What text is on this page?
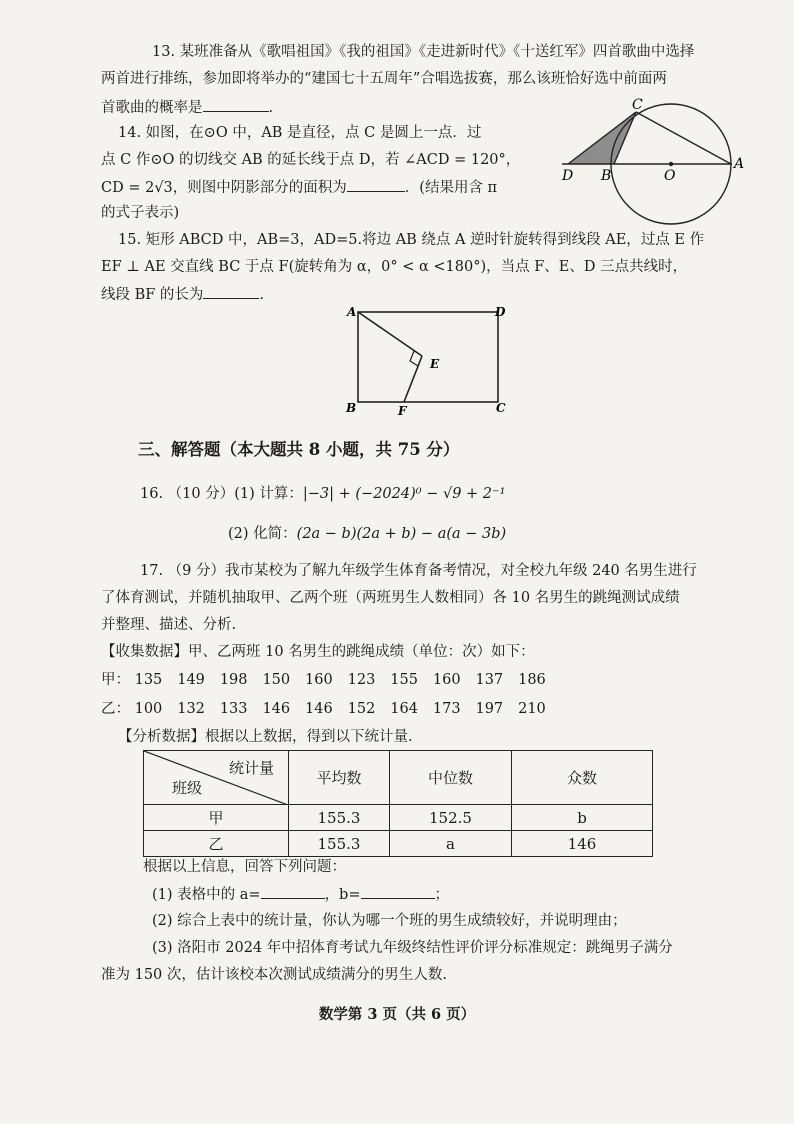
13. 某班准备从《歌唱祖国》《我的祖国》《走进新时代》《十送红军》四首歌曲中选择
两首进行排练，参加即将举办的“建国七十五周年”合唱选拔赛，那么该班恰好选中前面两
首歌曲的概率是	.
14. 如图，在⊙O 中，AB 是直径，点 C 是圆上一点．过
点 C 作⊙O 的切线交 AB 的延长线于点 D，若 ∠ACD = 120°，
CD = 2√3，则图中阴影部分的面积为	．(结果用含 π
的式子表示)
C
D B	O
A
15. 矩形 ABCD 中，AB=3，AD=5.将边 AB 绕点 A 逆时针旋转得到线段 AE，过点 E 作
EF ⊥ AE 交直线 BC 于点 F(旋转角为 α，0° < α <180°)，当点 F、E、D 三点共线时，
线段 BF 的长为	.
A	D
E
B	F	C
三、解答题（本大题共 8 小题，共 75 分）
16. （10 分）(1) 计算：|−3| + (−2024)⁰ − √9 + 2⁻¹
(2) 化简：(2a − b)(2a + b) − a(a − 3b)
17. （9 分）我市某校为了解九年级学生体育备考情况，对全校九年级 240 名男生进行
了体育测试，并随机抽取甲、乙两个班（两班男生人数相同）各 10 名男生的跳绳测试成绩
并整理、描述、分析.
【收集数据】甲、乙两班 10 名男生的跳绳成绩（单位：次）如下：
甲： 135 149 198 150 160 123 155 160 137 186
乙： 100 132 133 146 146 152 164 173 197 210
【分析数据】根据以上数据，得到以下统计量.
统计量
班级	平均数	中位数	众数
甲	155.3	152.5	b
乙	155.3	a	146
根据以上信息，回答下列问题：
(1) 表格中的 a=	，b=	；
(2) 综合上表中的统计量，你认为哪一个班的男生成绩较好，并说明理由；
(3) 洛阳市 2024 年中招体育考试九年级终结性评价评分标准规定：跳绳男子满分
准为 150 次，估计该校本次测试成绩满分的男生人数.
数学第 3 页（共 6 页）
